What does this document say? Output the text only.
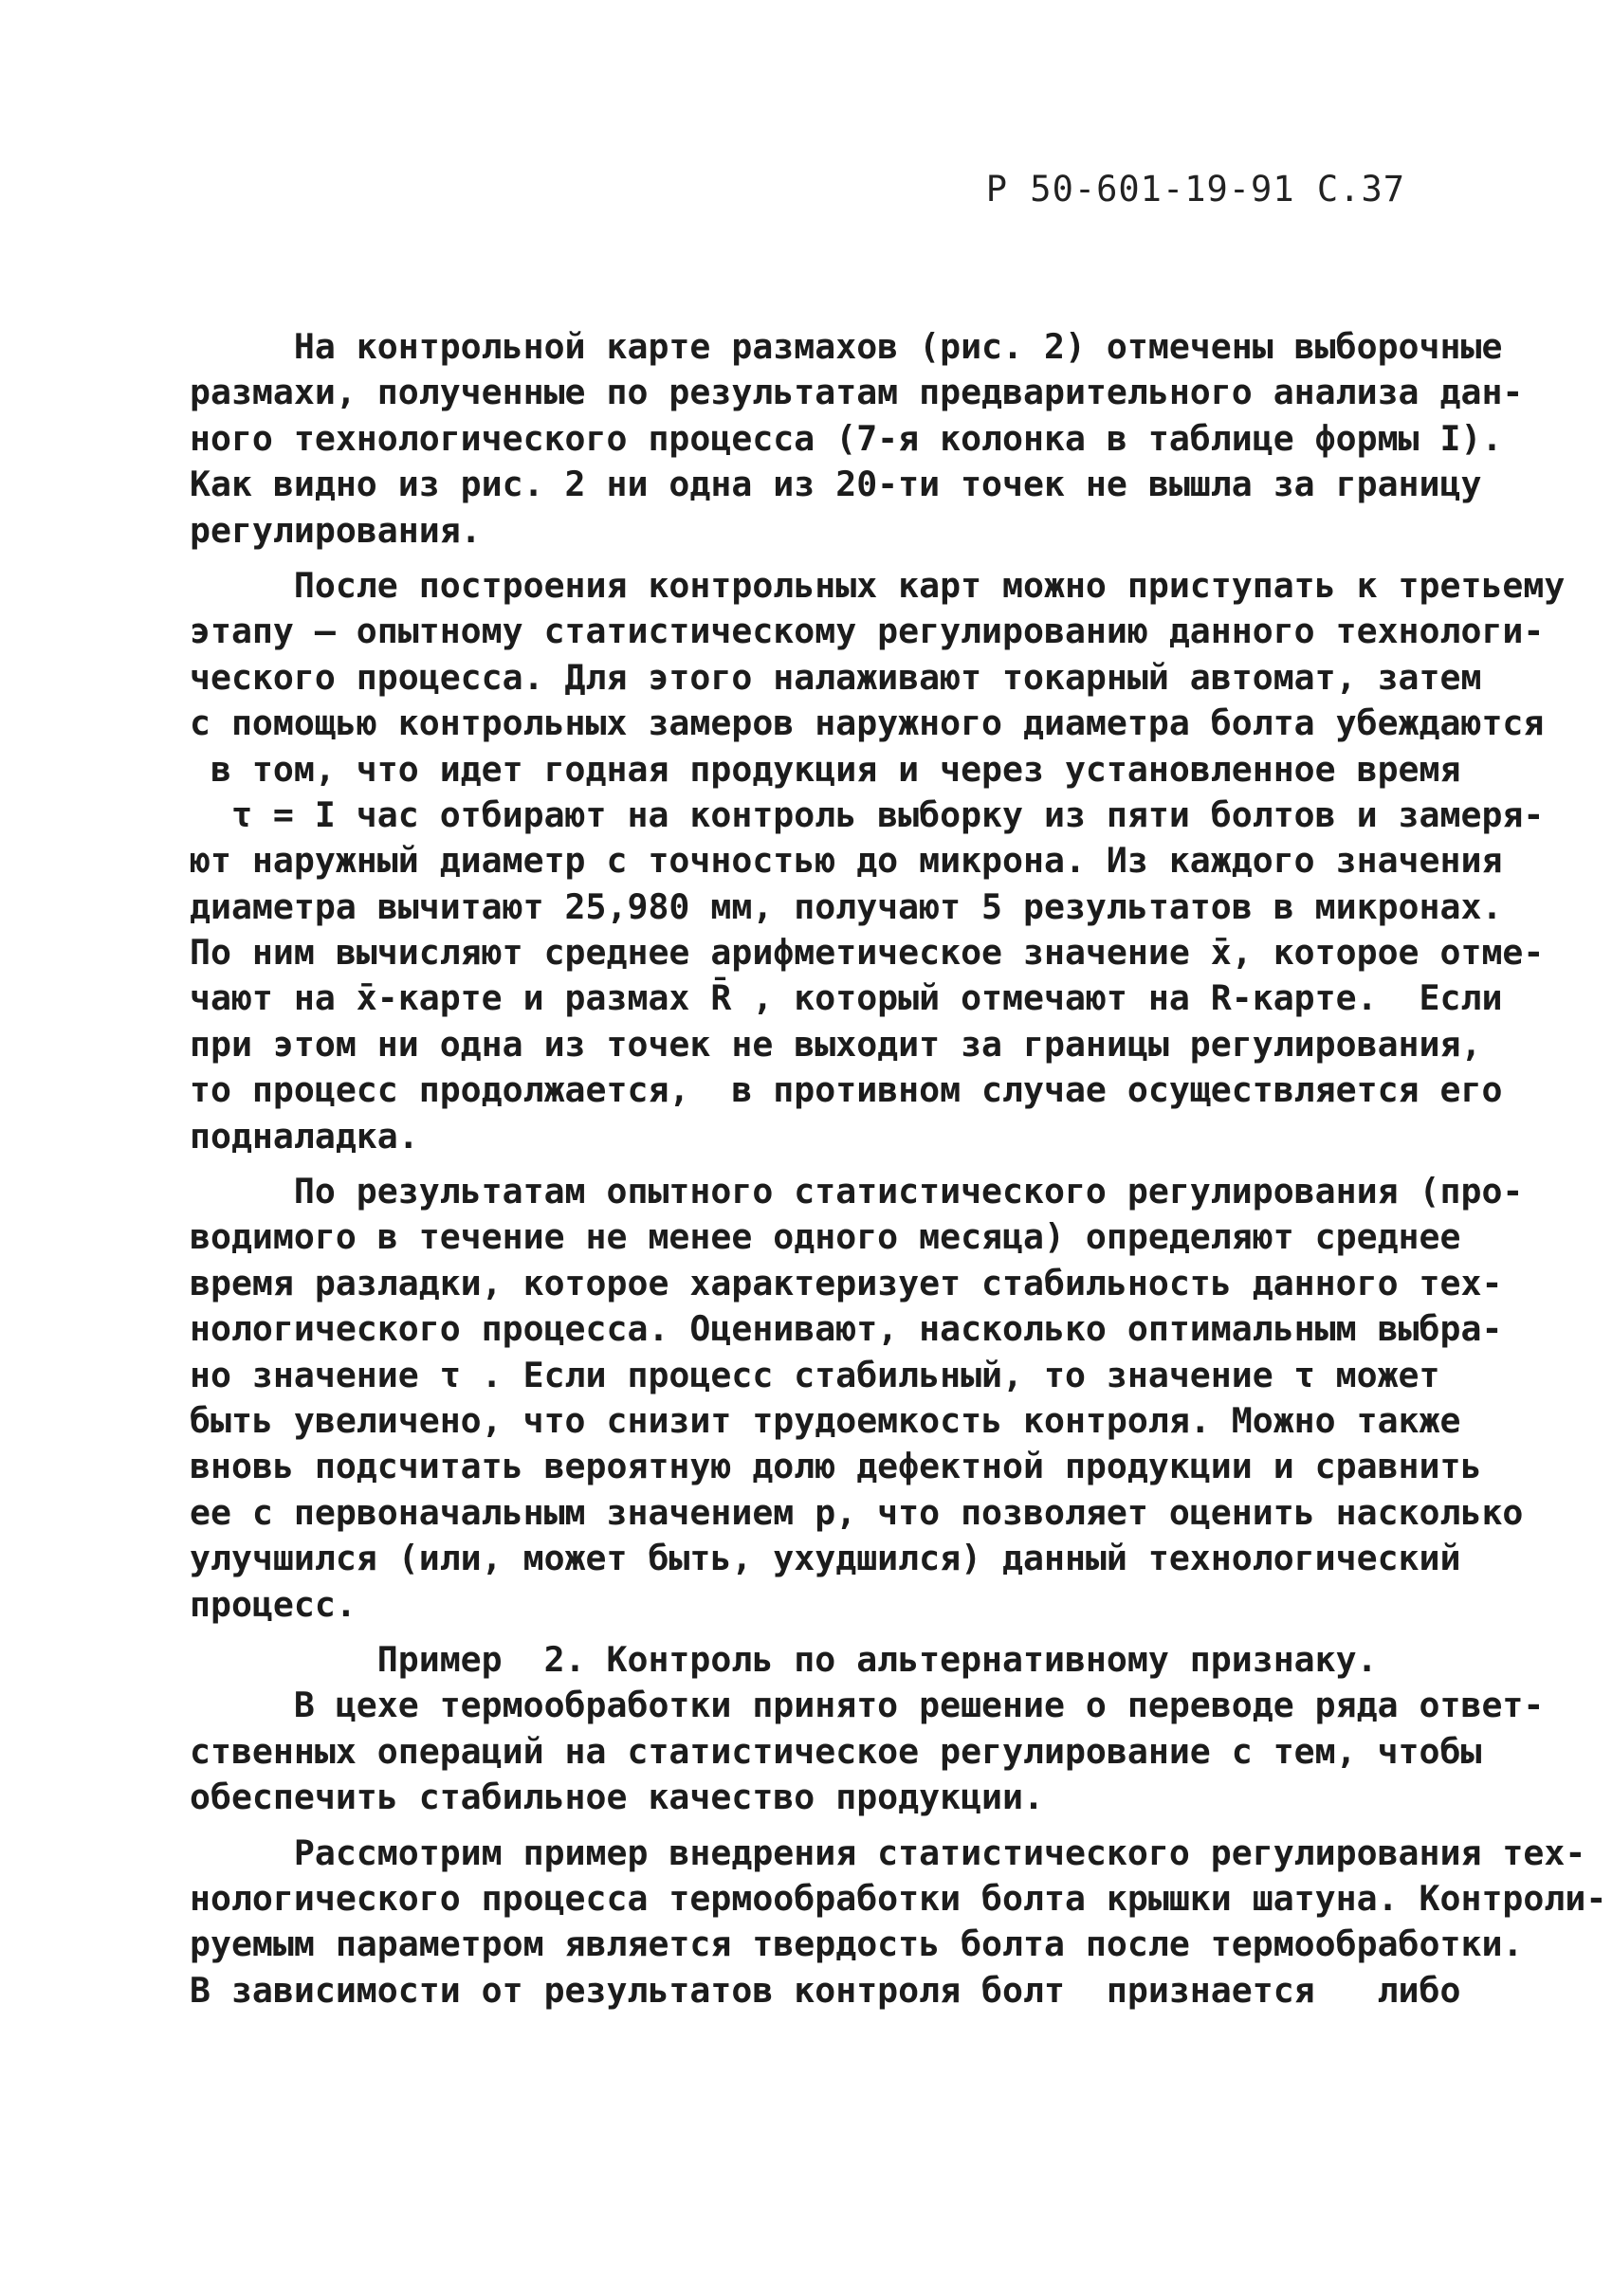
Р 50-601-19-91 С.37
На контрольной карте размахов (рис. 2) отмечены выборочные
размахи, полученные по результатам предварительного анализа дан-
ного технологического процесса (7-я колонка в таблице формы I).
Как видно из рис. 2 ни одна из 20-ти точек не вышла за границу
регулирования.
После построения контрольных карт можно приступать к третьему
этапу – опытному статистическому регулированию данного технологи-
ческого процесса. Для этого налаживают токарный автомат, затем
с помощью контрольных замеров наружного диаметра болта убеждаются
в том, что идет годная продукция и через установленное время
τ = I час отбирают на контроль выборку из пяти болтов и замеря-
ют наружный диаметр с точностью до микрона. Из каждого значения
диаметра вычитают 25,980 мм, получают 5 результатов в микронах.
По ним вычисляют среднее арифметическое значение x̄, которое отме-
чают на x̄-карте и размах R̄ , который отмечают на R-карте.  Если
при этом ни одна из точек не выходит за границы регулирования,
то процесс продолжается,  в противном случае осуществляется его
подналадка.
По результатам опытного статистического регулирования (про-
водимого в течение не менее одного месяца) определяют среднее
время разладки, которое характеризует стабильность данного тех-
нологического процесса. Оценивают, насколько оптимальным выбра-
но значение τ . Если процесс стабильный, то значение τ может
быть увеличено, что снизит трудоемкость контроля. Можно также
вновь подсчитать вероятную долю дефектной продукции и сравнить
ее с первоначальным значением р, что позволяет оценить насколько
улучшился (или, может быть, ухудшился) данный технологический
процесс.
Пример  2. Контроль по альтернативному признаку.
В цехе термообработки принято решение о переводе ряда ответ-
ственных операций на статистическое регулирование с тем, чтобы
обеспечить стабильное качество продукции.
Рассмотрим пример внедрения статистического регулирования тех-
нологического процесса термообработки болта крышки шатуна. Контроли-
руемым параметром является твердость болта после термообработки.
В зависимости от результатов контроля болт  признается   либо
